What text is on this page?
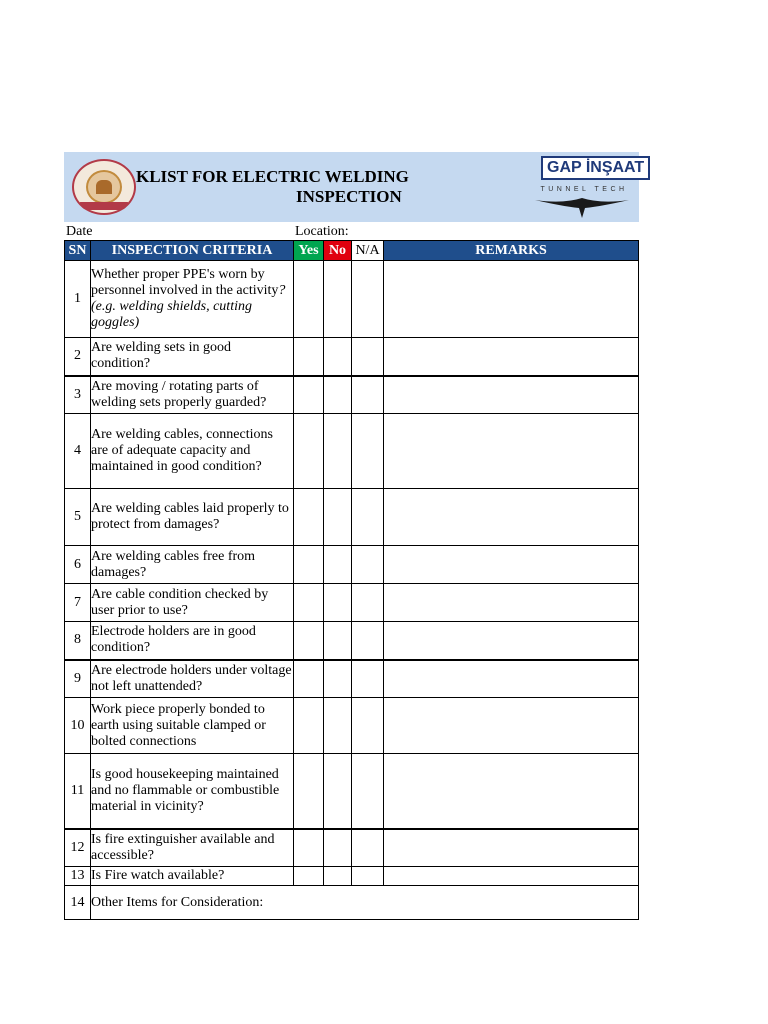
KLIST FOR ELECTRIC WELDING
INSPECTION
GAP İNŞAAT
TUNNEL TECH
Date	Location:
SN	INSPECTION CRITERIA	Yes	No	N/A	REMARKS
1	Whether proper PPE's worn by personnel involved in the activity? (e.g. welding shields, cutting goggles)				
2	Are welding sets in good condition?				
3	Are moving / rotating parts of welding sets properly guarded?				
4	Are welding cables, connections are of adequate capacity and maintained in good condition?				
5	Are welding cables laid properly to protect from damages?				
6	Are welding cables free from damages?				
7	Are cable condition checked by user prior to use?				
8	Electrode holders are in good condition?				
9	Are electrode holders under voltage not left unattended?				
10	Work piece properly bonded to earth using suitable clamped or bolted connections				
11	Is good housekeeping maintained and no flammable or combustible material in vicinity?				
12	Is fire extinguisher available and accessible?				
13	Is Fire watch available?				
14	Other Items for Consideration:				
